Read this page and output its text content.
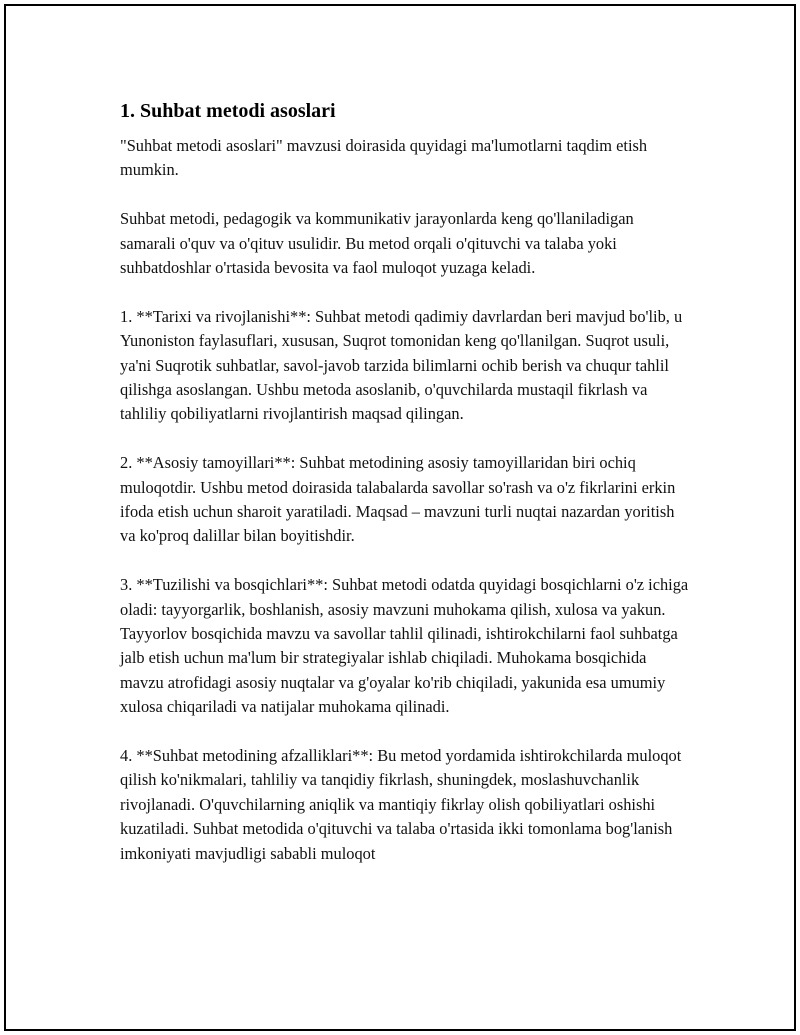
1. Suhbat metodi asoslari

"Suhbat metodi asoslari" mavzusi doirasida quyidagi ma'lumotlarni taqdim etish mumkin.

Suhbat metodi, pedagogik va kommunikativ jarayonlarda keng qo'llaniladigan samarali o'quv va o'qituv usulidir. Bu metod orqali o'qituvchi va talaba yoki suhbatdoshlar o'rtasida bevosita va faol muloqot yuzaga keladi.

1. **Tarixi va rivojlanishi**: Suhbat metodi qadimiy davrlardan beri mavjud bo'lib, u Yunoniston faylasuflari, xususan, Suqrot tomonidan keng qo'llanilgan. Suqrot usuli, ya'ni Suqrotik suhbatlar, savol-javob tarzida bilimlarni ochib berish va chuqur tahlil qilishga asoslangan. Ushbu metoda asoslanib, o'quvchilarda mustaqil fikrlash va tahliliy qobiliyatlarni rivojlantirish maqsad qilingan.

2. **Asosiy tamoyillari**: Suhbat metodining asosiy tamoyillaridan biri ochiq muloqotdir. Ushbu metod doirasida talabalarda savollar so'rash va o'z fikrlarini erkin ifoda etish uchun sharoit yaratiladi. Maqsad – mavzuni turli nuqtai nazardan yoritish va ko'proq dalillar bilan boyitishdir.

3. **Tuzilishi va bosqichlari**: Suhbat metodi odatda quyidagi bosqichlarni o'z ichiga oladi: tayyorgarlik, boshlanish, asosiy mavzuni muhokama qilish, xulosa va yakun. Tayyorlov bosqichida mavzu va savollar tahlil qilinadi, ishtirokchilarni faol suhbatga jalb etish uchun ma'lum bir strategiyalar ishlab chiqiladi. Muhokama bosqichida mavzu atrofidagi asosiy nuqtalar va g'oyalar ko'rib chiqiladi, yakunida esa umumiy xulosa chiqariladi va natijalar muhokama qilinadi.

4. **Suhbat metodining afzalliklari**: Bu metod yordamida ishtirokchilarda muloqot qilish ko'nikmalari, tahliliy va tanqidiy fikrlash, shuningdek, moslashuvchanlik rivojlanadi. O'quvchilarning aniqlik va mantiqiy fikrlay olish qobiliyatlari oshishi kuzatiladi. Suhbat metodida o'qituvchi va talaba o'rtasida ikki tomonlama bog'lanish imkoniyati mavjudligi sababli muloqot
